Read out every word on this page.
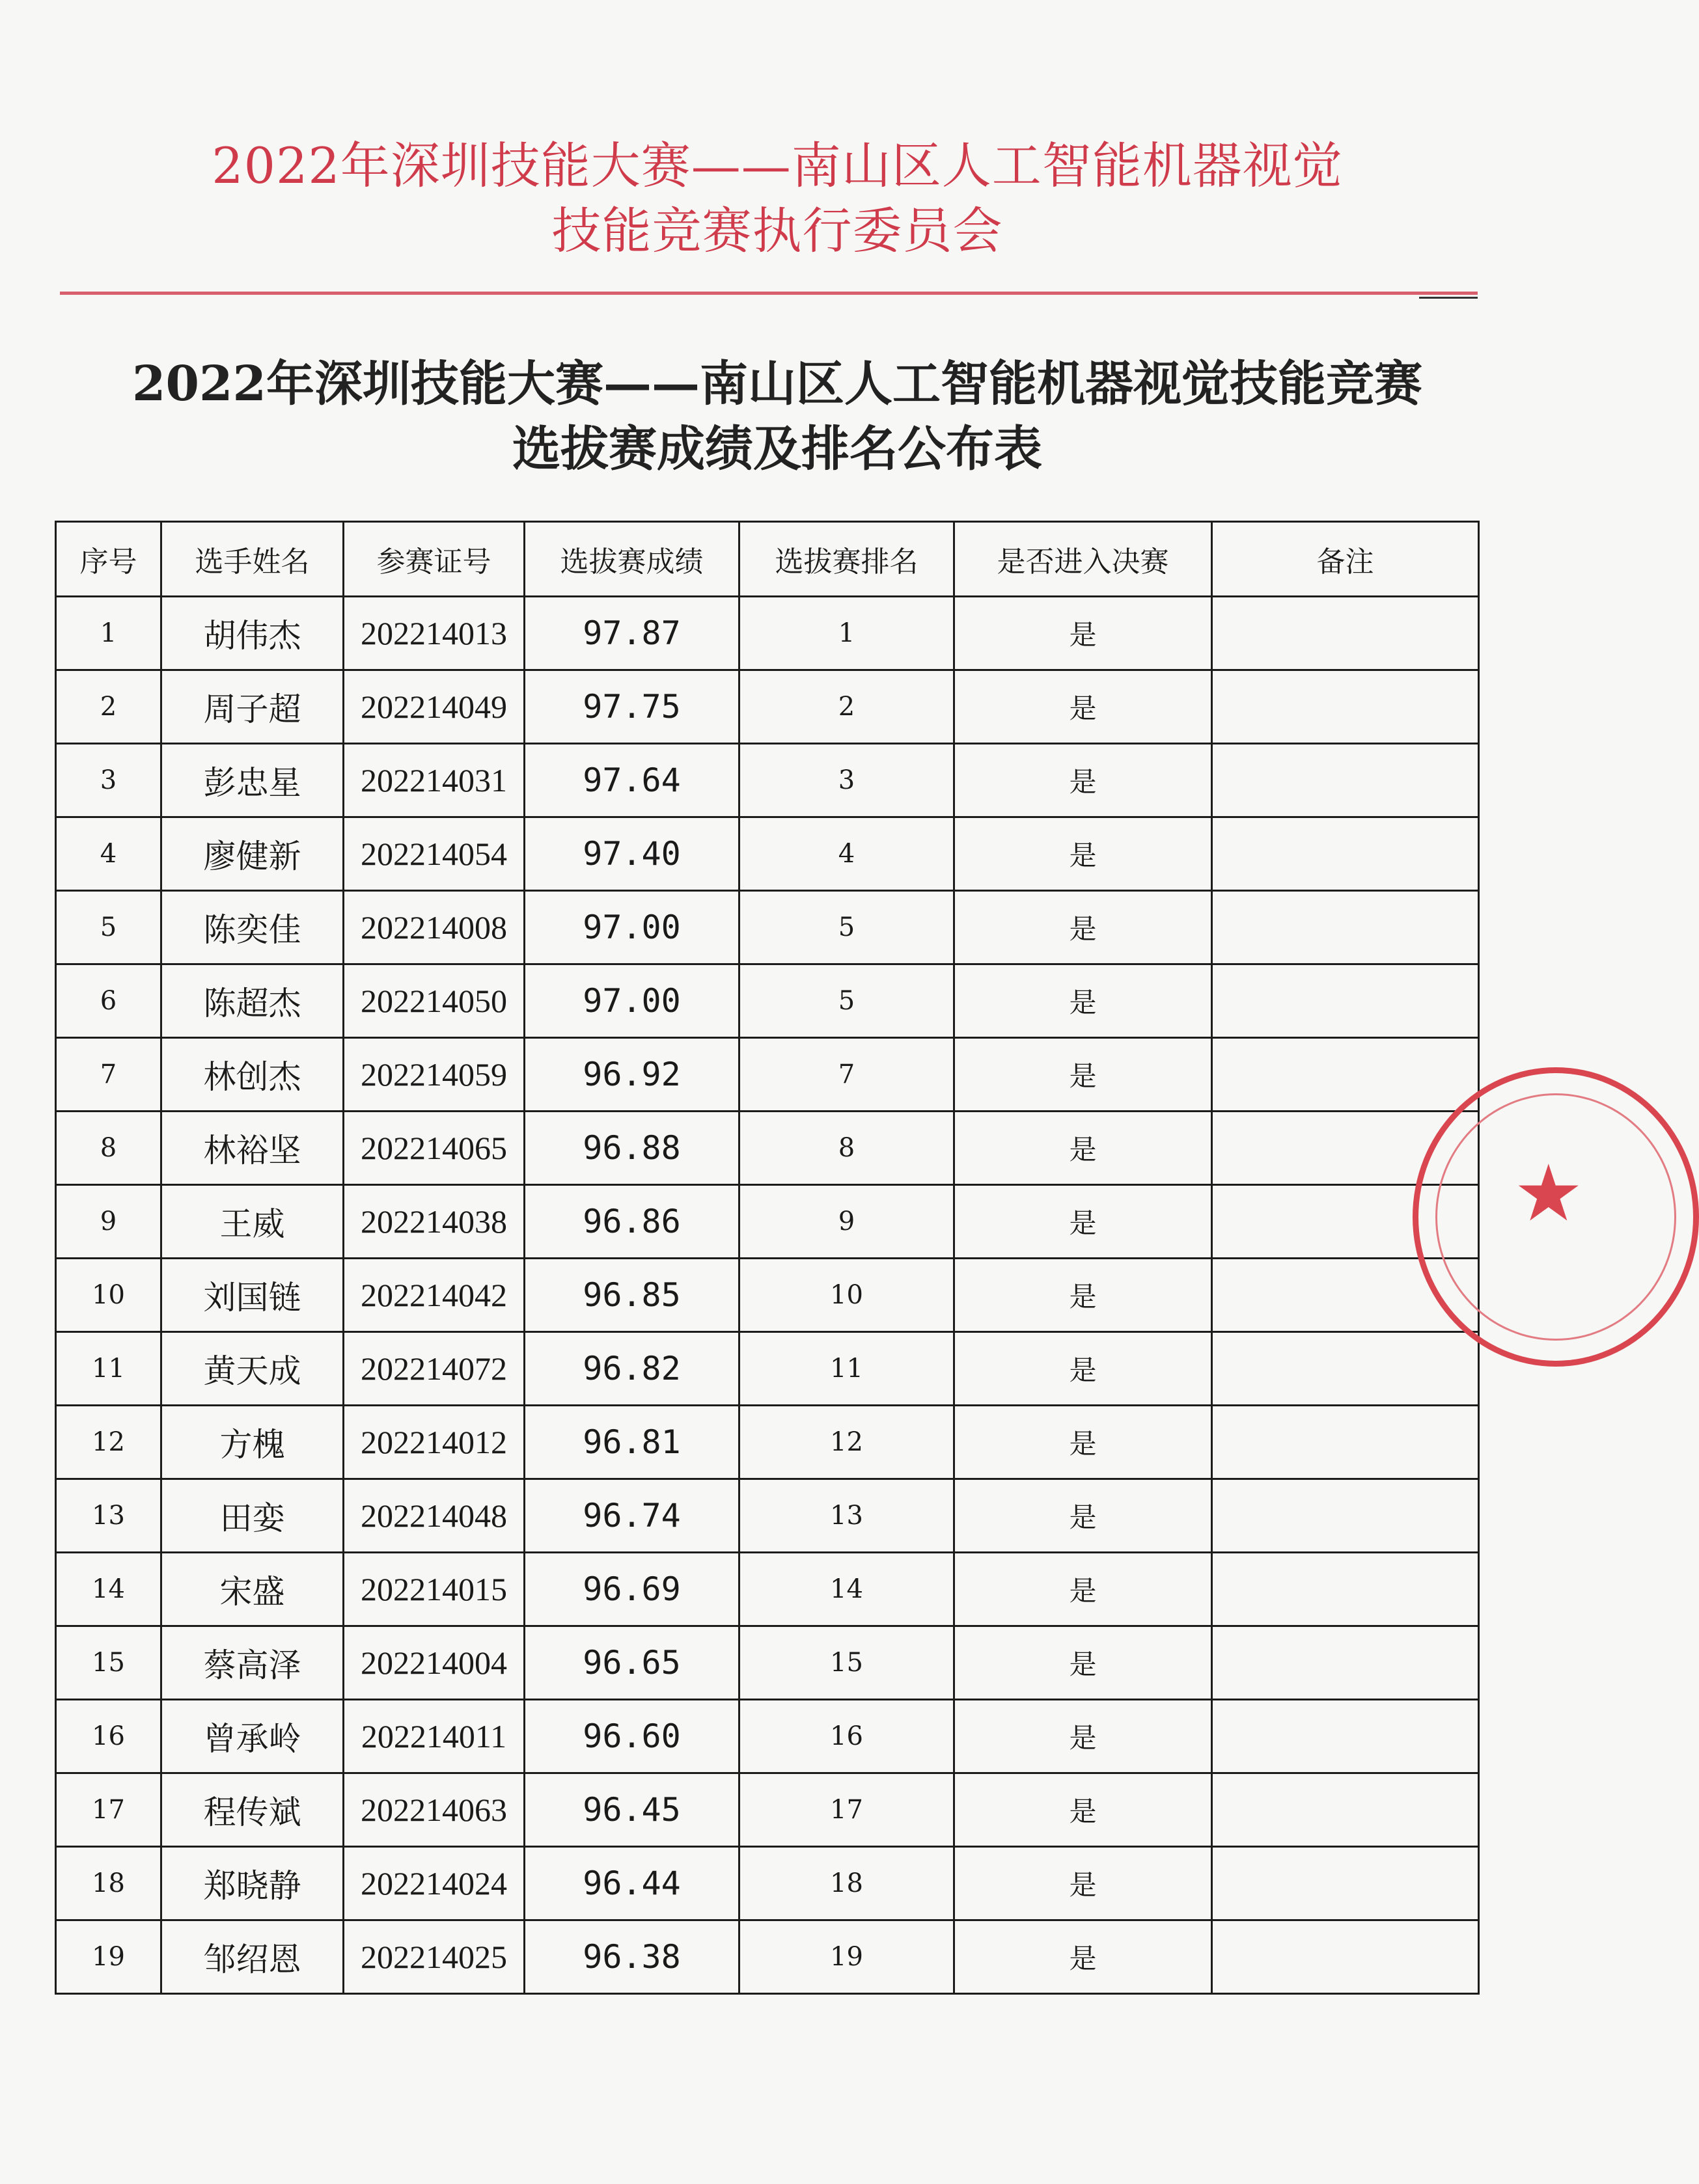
2022年深圳技能大赛——南山区人工智能机器视觉
技能竞赛执行委员会
2022年深圳技能大赛——南山区人工智能机器视觉技能竞赛
选拔赛成绩及排名公布表
序号	选手姓名	参赛证号	选拔赛成绩	选拔赛排名	是否进入决赛	备注
1	胡伟杰	202214013	97.87	1	是	
2	周子超	202214049	97.75	2	是	
3	彭忠星	202214031	97.64	3	是	
4	廖健新	202214054	97.40	4	是	
5	陈奕佳	202214008	97.00	5	是	
6	陈超杰	202214050	97.00	5	是	
7	林创杰	202214059	96.92	7	是	
8	林裕坚	202214065	96.88	8	是	
9	王威	202214038	96.86	9	是	
10	刘国链	202214042	96.85	10	是	
11	黄天成	202214072	96.82	11	是	
12	方槐	202214012	96.81	12	是	
13	田娈	202214048	96.74	13	是	
14	宋盛	202214015	96.69	14	是	
15	蔡高泽	202214004	96.65	15	是	
16	曾承岭	202214011	96.60	16	是	
17	程传斌	202214063	96.45	17	是	
18	郑晓静	202214024	96.44	18	是	
19	邹绍恩	202214025	96.38	19	是	
★
